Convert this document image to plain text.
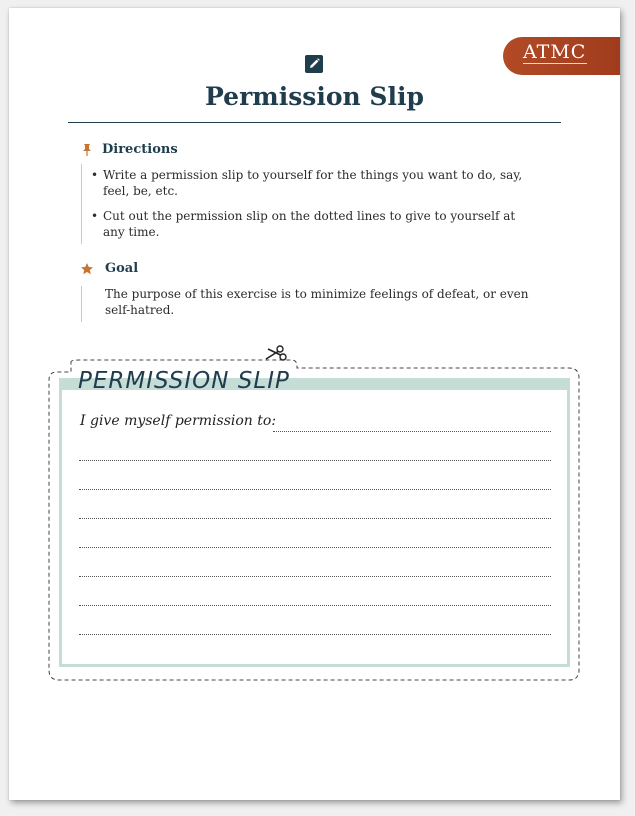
ATMC
Permission Slip
Directions
• Write a permission slip to yourself for the things you want to do, say, feel, be, etc.
• Cut out the permission slip on the dotted lines to give to yourself at any time.
Goal

The purpose of this exercise is to minimize feelings of defeat, or even self-hatred.

PERMISSION SLIP
I give myself permission to:
